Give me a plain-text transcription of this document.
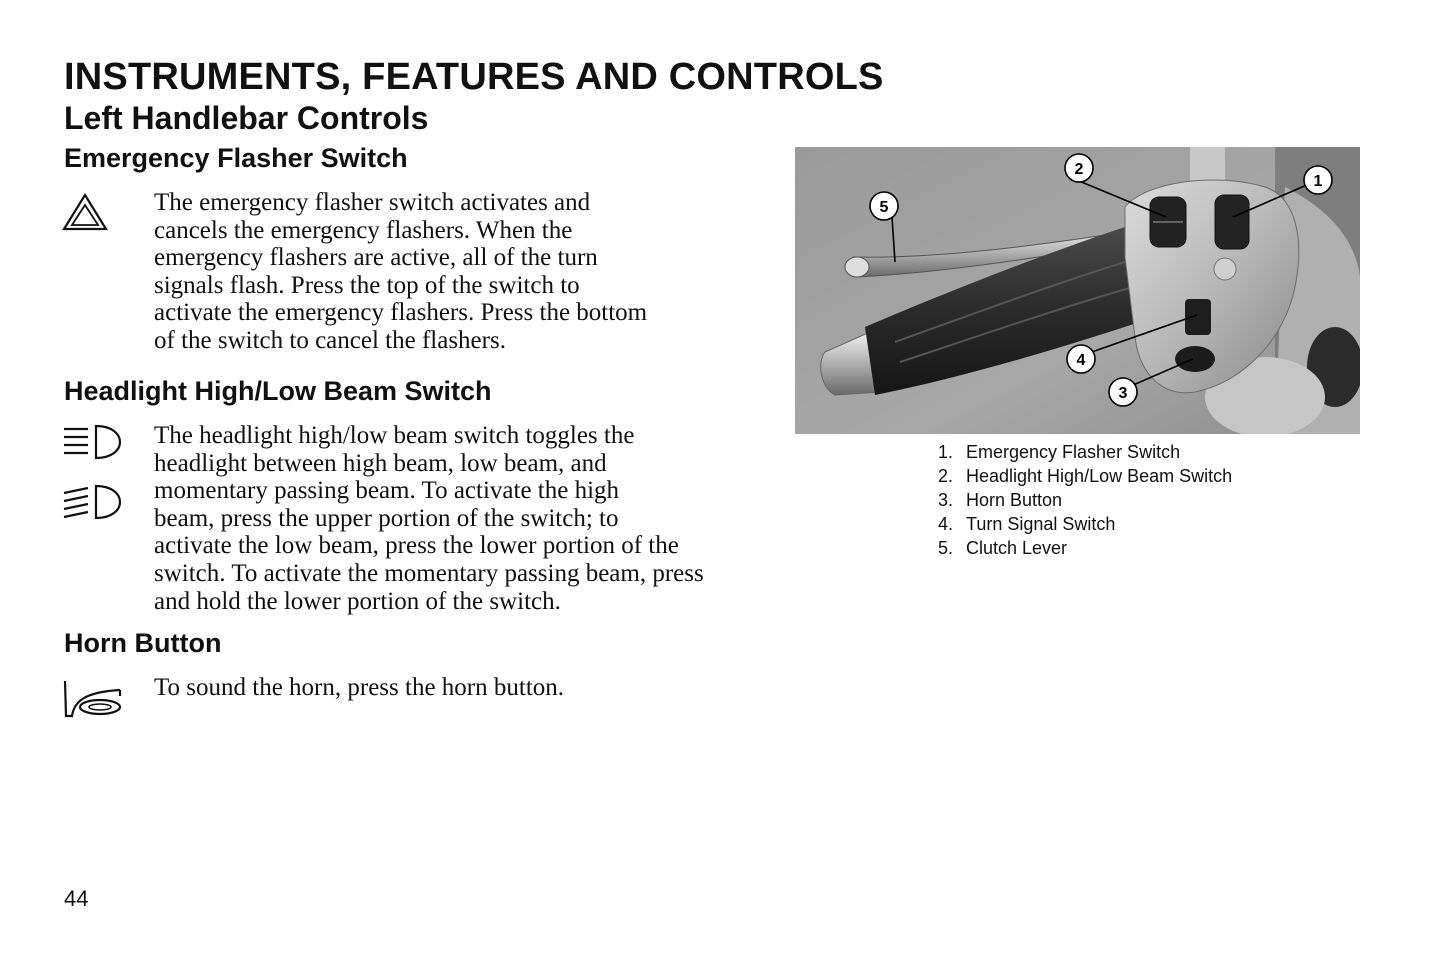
INSTRUMENTS, FEATURES AND CONTROLS
Left Handlebar Controls
Emergency Flasher Switch
The emergency flasher switch activates and
cancels the emergency flashers. When the
emergency flashers are active, all of the turn
signals flash. Press the top of the switch to
activate the emergency flashers. Press the bottom
of the switch to cancel the flashers.
Headlight High/Low Beam Switch
The headlight high/low beam switch toggles the
headlight between high beam, low beam, and
momentary passing beam. To activate the high
beam, press the upper portion of the switch; to
activate the low beam, press the lower portion of the
switch. To activate the momentary passing beam, press
and hold the lower portion of the switch.
Horn Button
To sound the horn, press the horn button.
1
2
3
4
5
1. Emergency Flasher Switch
2. Headlight High/Low Beam Switch
3. Horn Button
4. Turn Signal Switch
5. Clutch Lever
44
